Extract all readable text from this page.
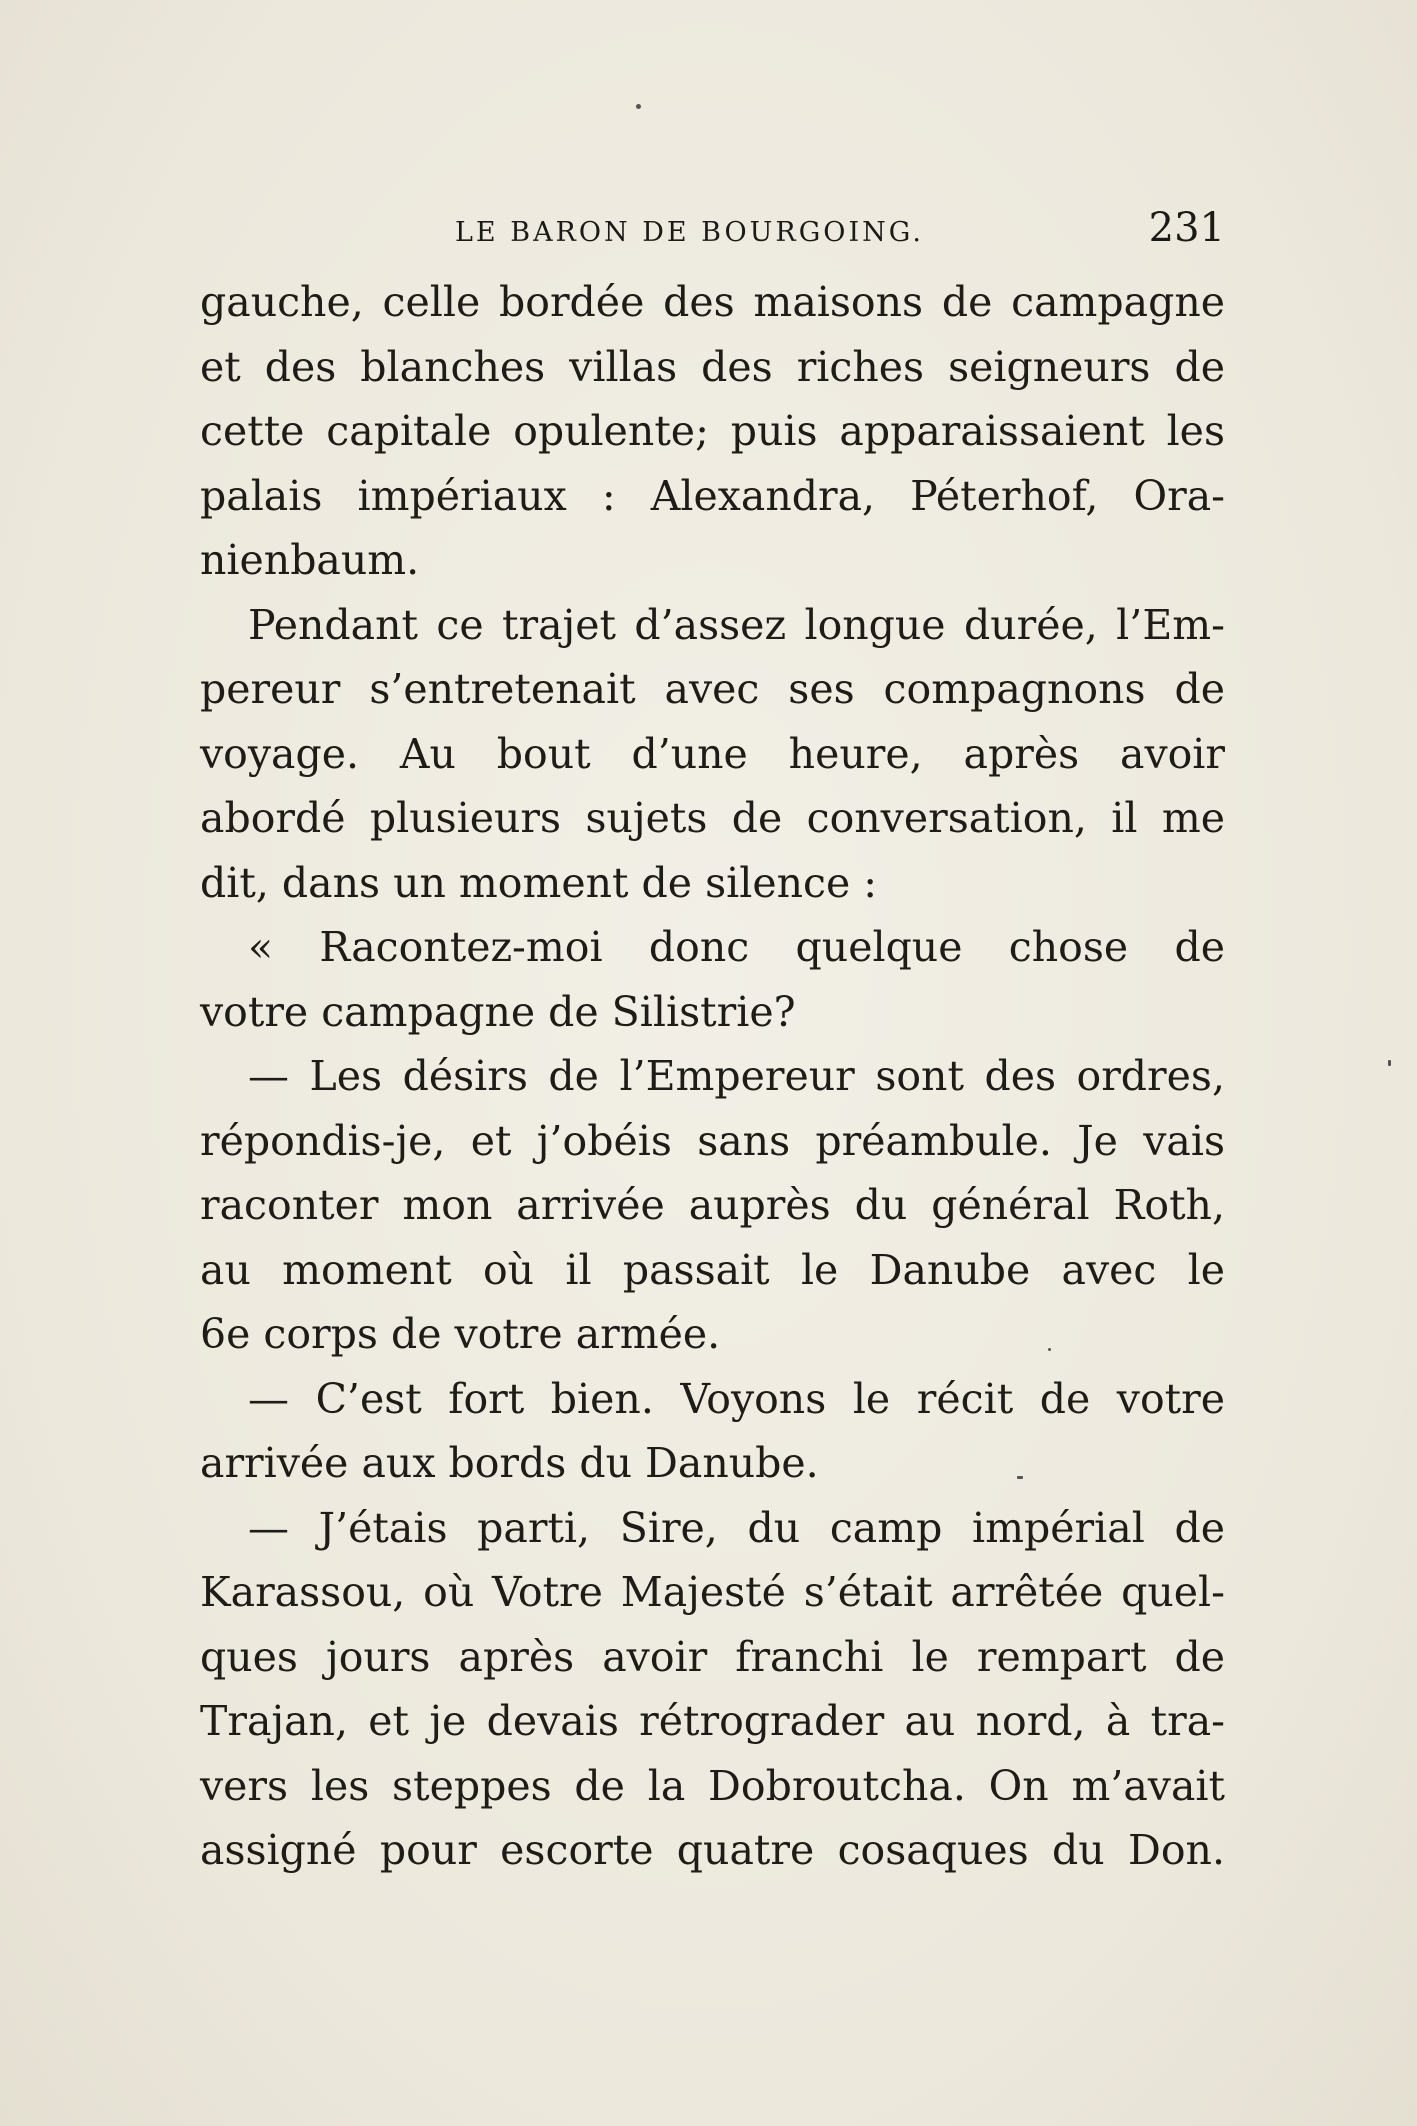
LE BARON DE BOURGOING.	231
gauche, celle bordée des maisons de campagne
et des blanches villas des riches seigneurs de
cette capitale opulente; puis apparaissaient les
palais impériaux : Alexandra, Péterhof, Ora-
nienbaum.
Pendant ce trajet d’assez longue durée, l’Em-
pereur s’entretenait avec ses compagnons de
voyage. Au bout d’une heure, après avoir
abordé plusieurs sujets de conversation, il me
dit, dans un moment de silence :
« Racontez-moi donc quelque chose de
votre campagne de Silistrie?
— Les désirs de l’Empereur sont des ordres,
répondis-je, et j’obéis sans préambule. Je vais
raconter mon arrivée auprès du général Roth,
au moment où il passait le Danube avec le
6e corps de votre armée.
— C’est fort bien. Voyons le récit de votre
arrivée aux bords du Danube.
— J’étais parti, Sire, du camp impérial de
Karassou, où Votre Majesté s’était arrêtée quel-
ques jours après avoir franchi le rempart de
Trajan, et je devais rétrograder au nord, à tra-
vers les steppes de la Dobroutcha. On m’avait
assigné pour escorte quatre cosaques du Don.
